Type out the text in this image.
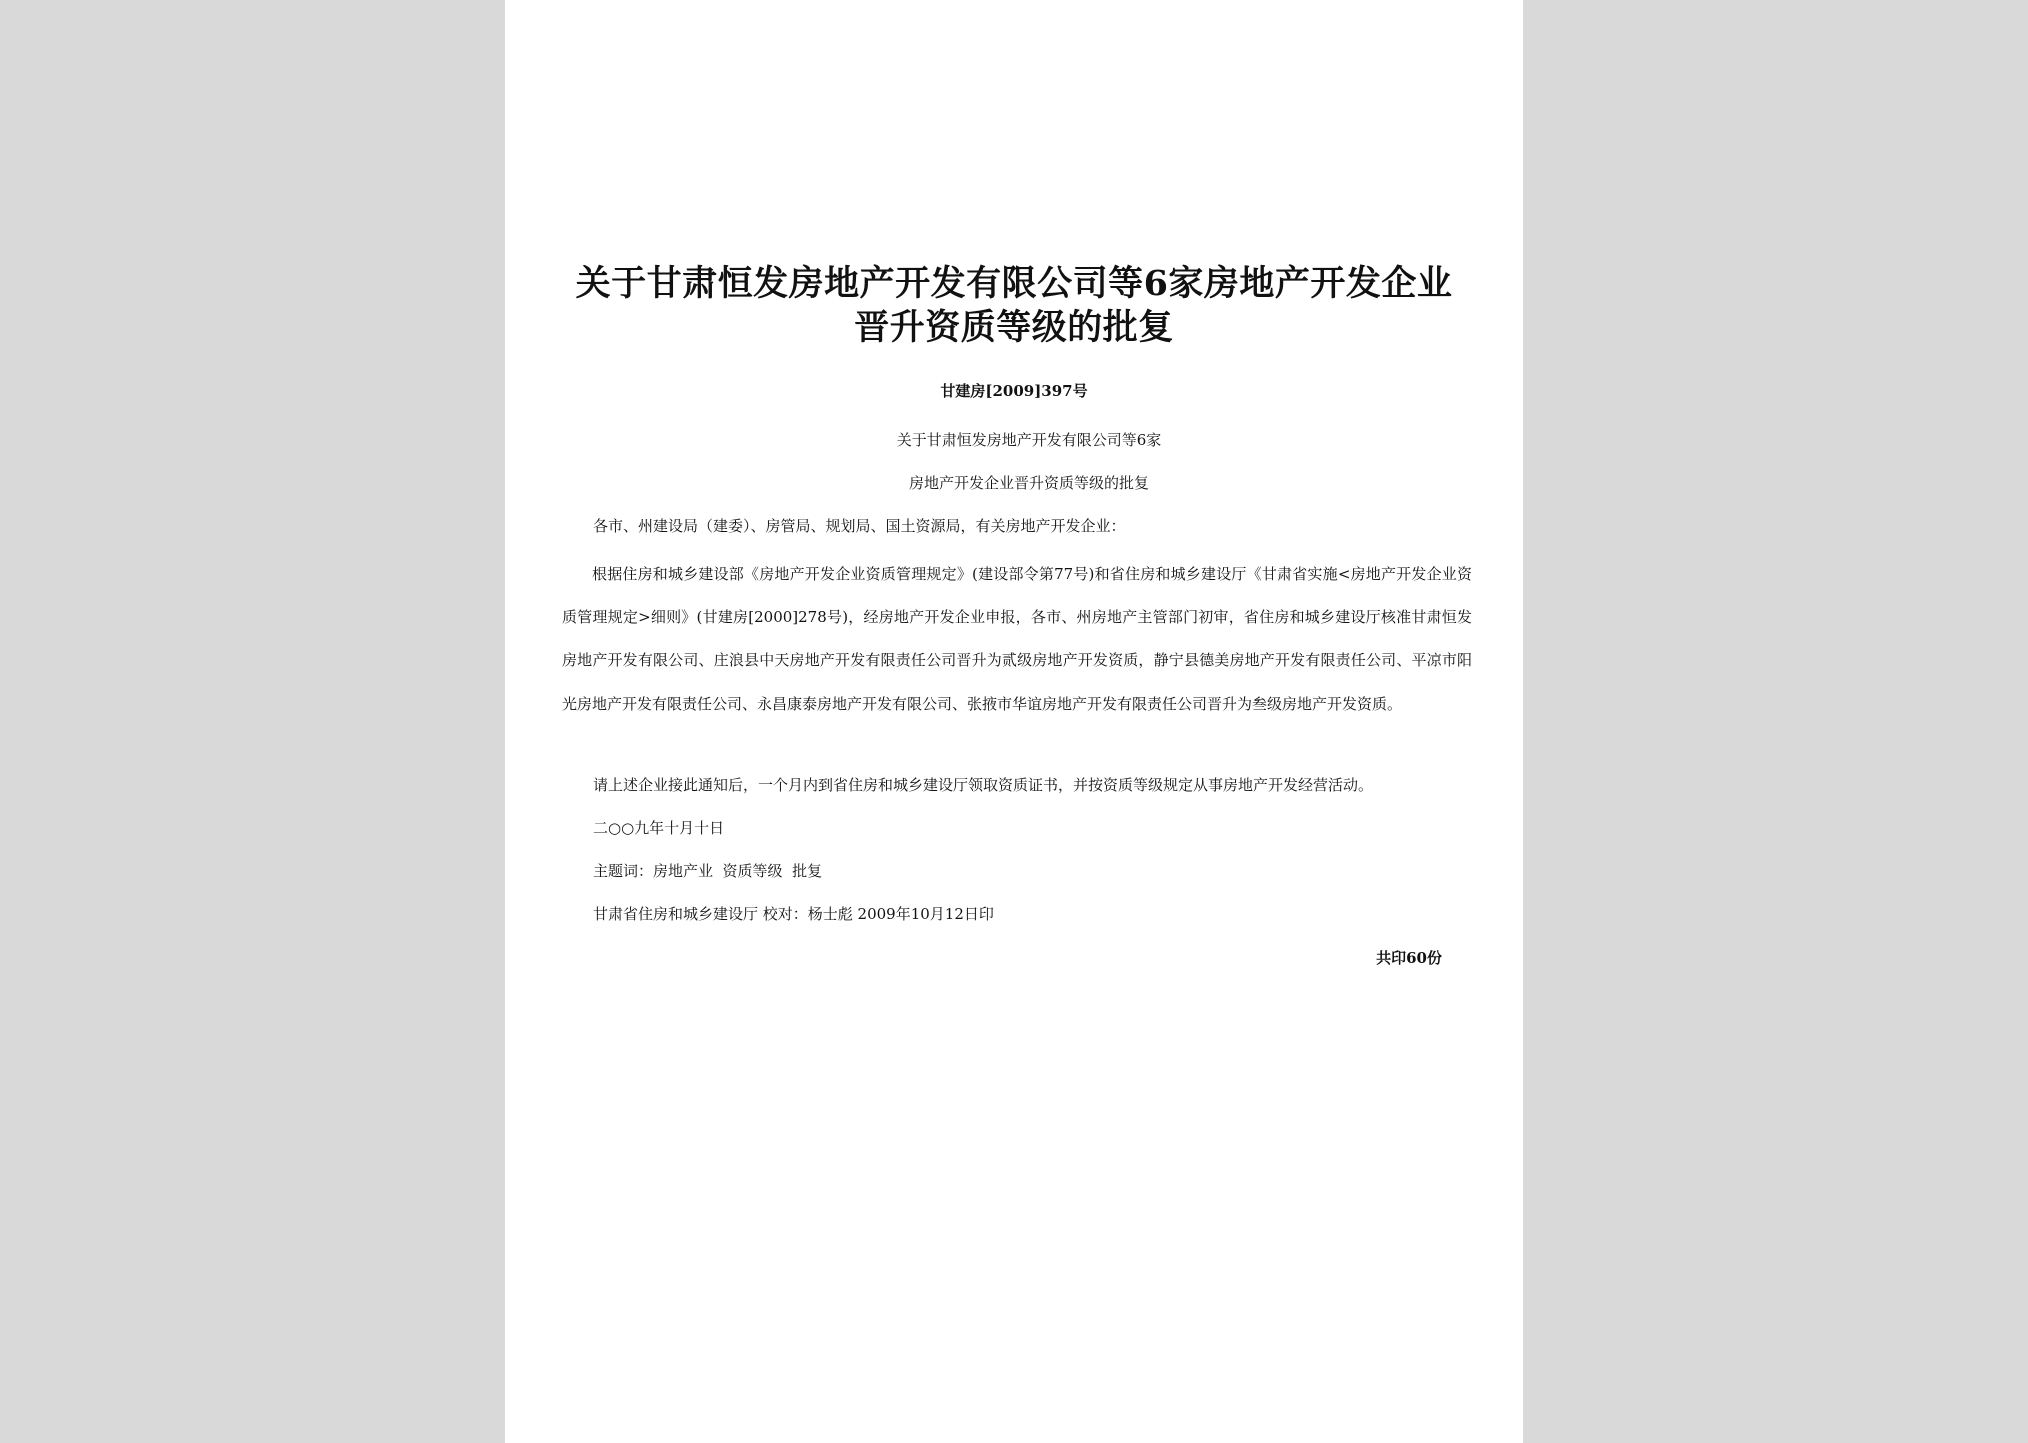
关于甘肃恒发房地产开发有限公司等6家房地产开发企业晋升资质等级的批复
甘建房[2009]397号
关于甘肃恒发房地产开发有限公司等6家
房地产开发企业晋升资质等级的批复
各市、州建设局（建委）、房管局、规划局、国土资源局，有关房地产开发企业：
根据住房和城乡建设部《房地产开发企业资质管理规定》(建设部令第77号)和省住房和城乡建设厅《甘肃省实施<房地产开发企业资质管理规定>细则》(甘建房[2000]278号)，经房地产开发企业申报，各市、州房地产主管部门初审，省住房和城乡建设厅核准甘肃恒发房地产开发有限公司、庄浪县中天房地产开发有限责任公司晋升为贰级房地产开发资质，静宁县德美房地产开发有限责任公司、平凉市阳光房地产开发有限责任公司、永昌康泰房地产开发有限公司、张掖市华谊房地产开发有限责任公司晋升为叁级房地产开发资质。
请上述企业接此通知后，一个月内到省住房和城乡建设厅领取资质证书，并按资质等级规定从事房地产开发经营活动。
二○○九年十月十日
主题词：房地产业  资质等级  批复
甘肃省住房和城乡建设厅 校对：杨士彪 2009年10月12日印
共印60份
